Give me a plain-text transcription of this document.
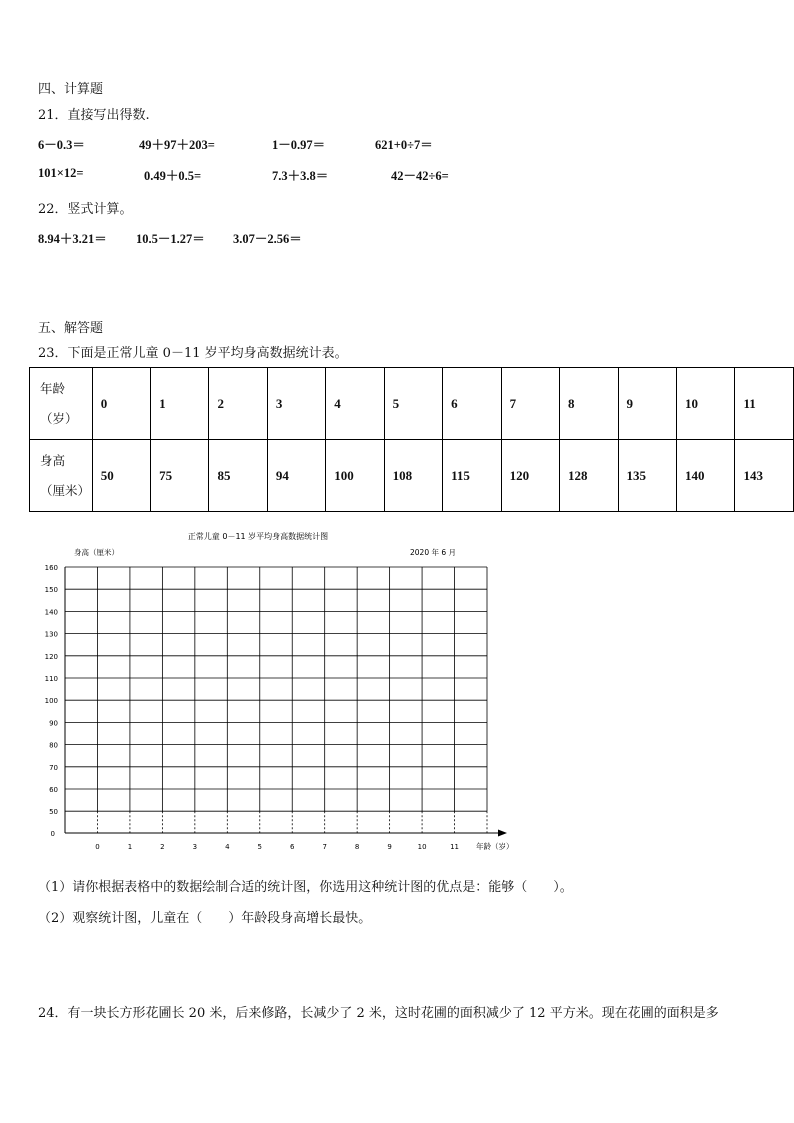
四、计算题
21．直接写出得数.
6－0.3＝	49＋97＋203=	1－0.97＝	621+0÷7＝
101×12=	0.49＋0.5=	7.3＋3.8＝	42－42÷6=
22．竖式计算。
8.94＋3.21＝ 10.5－1.27＝ 3.07－2.56＝
五、解答题
23．下面是正常儿童 0－11 岁平均身高数据统计表。
年龄
（岁）	0	1	2	3	4	5	6	7	8	9	10	11

身高
（厘米）	50	75	85	94	100	108	115	120	128	135	140	143
正常儿童 0－11 岁平均身高数据统计图
身高（厘米）	2020 年 6 月
160
150
140
130
120
110
100
90
80
70
60
50
0
0	1	2	3	4	5	6	7	8	9	10	11 年龄（岁）
（1）请你根据表格中的数据绘制合适的统计图，你选用这种统计图的优点是：能够（　　）。
（2）观察统计图，儿童在（　　）年龄段身高增长最快。
24．有一块长方形花圃长 20 米，后来修路，长减少了 2 米，这时花圃的面积减少了 12 平方米。现在花圃的面积是多
